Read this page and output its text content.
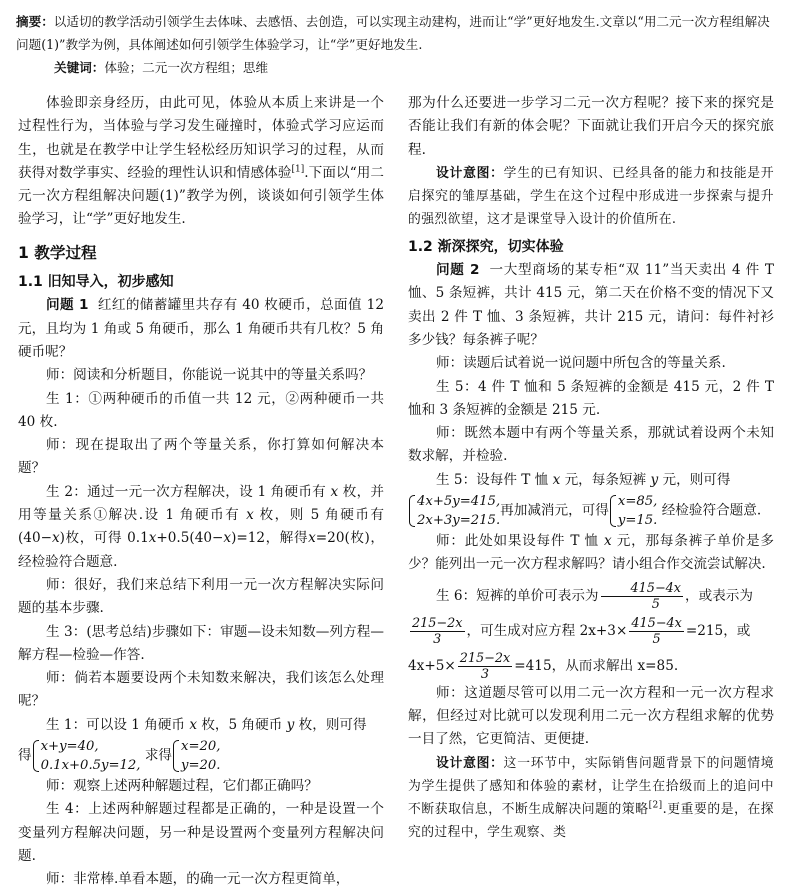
摘要：以适切的教学活动引领学生去体味、去感悟、去创造，可以实现主动建构，进而让“学”更好地发生.文章以“用二元一次方程组解决问题(1)”教学为例，具体阐述如何引领学生体验学习，让“学”更好地发生.
关键词：体验；二元一次方程组；思维

体验即亲身经历，由此可见，体验从本质上来讲是一个过程性行为，当体验与学习发生碰撞时，体验式学习应运而生，也就是在教学中让学生轻松经历知识学习的过程，从而获得对数学事实、经验的理性认识和情感体验[1].下面以“用二元一次方程组解决问题(1)”教学为例，谈谈如何引领学生体验学习，让“学”更好地发生.

1 教学过程

1.1 旧知导入，初步感知

问题 1 红红的储蓄罐里共存有 40 枚硬币，总面值 12 元，且均为 1 角或 5 角硬币，那么 1 角硬币共有几枚？5 角硬币呢？

师：阅读和分析题目，你能说一说其中的等量关系吗？

生 1：①两种硬币的币值一共 12 元，②两种硬币一共 40 枚.

师：现在提取出了两个等量关系，你打算如何解决本题？

生 2：通过一元一次方程解决，设 1 角硬币有 x 枚，并用等量关系①解决.设 1 角硬币有 x 枚，则 5 角硬币有(40−x)枚，可得 0.1x+0.5(40−x)=12，解得x=20(枚)，经检验符合题意.

师：很好，我们来总结下利用一元一次方程解决实际问题的基本步骤.

生 3：(思考总结)步骤如下：审题—设未知数—列方程—解方程—检验—作答.

师：倘若本题要设两个未知数来解决，我们该怎么处理呢？

生 1：可以设 1 角硬币 x 枚，5 角硬币 y 枚，则可得

得x+y=40,
0.1x+0.5y=12, 求得x=20,
y=20.

师：观察上述两种解题过程，它们都正确吗？

生 4：上述两种解题过程都是正确的，一种是设置一个变量列方程解决问题，另一种是设置两个变量列方程解决问题.

师：非常棒.单看本题，的确一元一次方程更简单，

那为什么还要进一步学习二元一次方程呢？接下来的探究是否能让我们有新的体会呢？下面就让我们开启今天的探究旅程.

设计意图：学生的已有知识、已经具备的能力和技能是开启探究的雏厚基础，学生在这个过程中形成进一步探索与提升的强烈欲望，这才是课堂导入设计的价值所在.

1.2 渐深探究，切实体验

问题 2 一大型商场的某专柜“双 11”当天卖出 4 件 T 恤、5 条短裤，共计 415 元，第二天在价格不变的情况下又卖出 2 件 T 恤、3 条短裤，共计 215 元，请问：每件衬衫多少钱？每条裤子呢？

师：读题后试着说一说问题中所包含的等量关系.

生 5：4 件 T 恤和 5 条短裤的金额是 415 元，2 件 T 恤和 3 条短裤的金额是 215 元.

师：既然本题中有两个等量关系，那就试着设两个未知数求解，并检验.

生 5：设每件 T 恤 x 元，每条短裤 y 元，则可得

4x+5y=415,
2x+3y=215.再加减消元，可得x=85,
y=15. 经检验符合题意.

师：此处如果设每件 T 恤 x 元，那每条裤子单价是多少？能列出一元一次方程求解吗？请小组合作交流尝试解决.

生 6：短裤的单价可表示为 $\frac{415-4x}{5}$ ，或表示为

$\frac{215-2x}{3}$ ，可生成对应方程 $2x+3\times \frac{415-4x}{5} =215$，或

$4x+5\times \frac{215-2x}{3} =415$，从而求解出 x=85.

师：这道题尽管可以用二元一次方程和一元一次方程求解，但经过对比就可以发现利用二元一次方程组求解的优势一目了然，它更简洁、更便捷.

设计意图：这一环节中，实际销售问题背景下的问题情境为学生提供了感知和体验的素材，让学生在拾级而上的追问中不断获取信息，不断生成解决问题的策略[2].更重要的是，在探究的过程中，学生观察、类
